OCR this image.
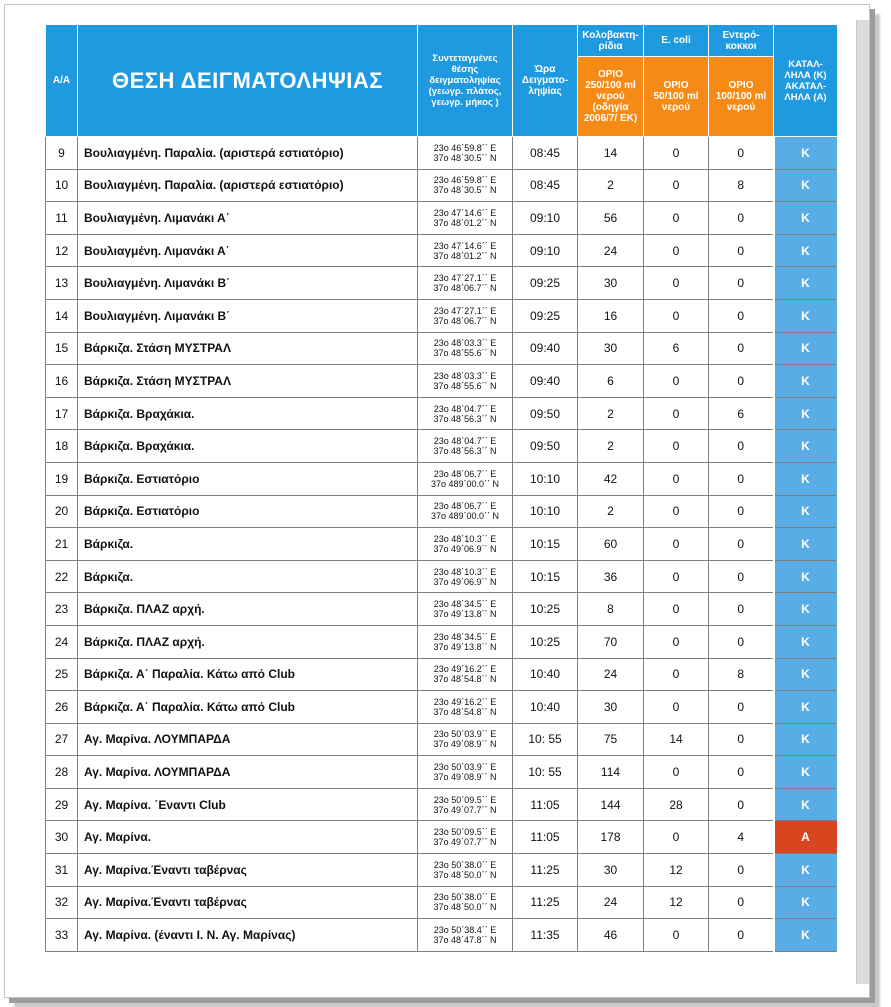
Α/Α	ΘΕΣΗ ΔΕΙΓΜΑΤΟΛΗΨΙΑΣ	Συντεταγμένες θέσης δειγματοληψίας (γεωγρ. πλάτος, γεωγρ. μήκος )	Ώρα Δειγματο-ληψίας	Κολοβακτη-ρίδια	E. coli	Εντερό-κοκκοι	ΚΑΤΑΛ-ΛΗΛΑ (Κ) ΑΚΑΤΑΛ-ΛΗΛΑ (Α)
				ΟΡΙΟ 250/100 ml νερού (οδηγία 2006/7/ ΕΚ)	ΟΡΙΟ 50/100 ml νερού	ΟΡΙΟ 100/100 ml νερού	
9	Βουλιαγμένη. Παραλία. (αριστερά εστιατόριο)	23ο 46΄59.8΄΄ Ε
37ο 48΄30.5΄΄ Ν	08:45	14	0	0	Κ
10	Βουλιαγμένη. Παραλία. (αριστερά εστιατόριο)	23ο 46΄59.8΄΄ Ε
37ο 48΄30.5΄΄ Ν	08:45	2	0	8	Κ
11	Βουλιαγμένη. Λιμανάκι Α΄	23ο 47΄14.6΄΄ Ε
37ο 48΄01.2΄΄ Ν	09:10	56	0	0	Κ
12	Βουλιαγμένη. Λιμανάκι Α΄	23ο 47΄14.6΄΄ Ε
37ο 48΄01.2΄΄ Ν	09:10	24	0	0	Κ
13	Βουλιαγμένη. Λιμανάκι Β΄	23ο 47΄27.1΄΄ Ε
37ο 48΄06.7΄΄ Ν	09:25	30	0	0	Κ
14	Βουλιαγμένη. Λιμανάκι Β΄	23ο 47΄27.1΄΄ Ε
37ο 48΄06.7΄΄ Ν	09:25	16	0	0	Κ
15	Βάρκιζα. Στάση ΜΥΣΤΡΑΛ	23ο 48΄03.3΄΄ Ε
37ο 48΄55.6΄΄ Ν	09:40	30	6	0	Κ
16	Βάρκιζα. Στάση ΜΥΣΤΡΑΛ	23ο 48΄03.3΄΄ Ε
37ο 48΄55.6΄΄ Ν	09:40	6	0	0	Κ
17	Βάρκιζα. Βραχάκια.	23ο 48΄04.7΄΄ Ε
37ο 48΄56.3΄΄ Ν	09:50	2	0	6	Κ
18	Βάρκιζα. Βραχάκια.	23ο 48΄04.7΄΄ Ε
37ο 48΄56.3΄΄ Ν	09:50	2	0	0	Κ
19	Βάρκιζα. Εστιατόριο	23ο 48΄06.7΄΄ Ε
37ο 489΄00.0΄΄ Ν	10:10	42	0	0	Κ
20	Βάρκιζα. Εστιατόριο	23ο 48΄06.7΄΄ Ε
37ο 489΄00.0΄΄ Ν	10:10	2	0	0	Κ
21	Βάρκιζα.	23ο 48΄10.3΄΄ Ε
37ο 49΄06.9΄΄ Ν	10:15	60	0	0	Κ
22	Βάρκιζα.	23ο 48΄10.3΄΄ Ε
37ο 49΄06.9΄΄ Ν	10:15	36	0	0	Κ
23	Βάρκιζα. ΠΛΑΖ αρχή.	23ο 48΄34.5΄΄ Ε
37ο 49΄13.8΄΄ Ν	10:25	8	0	0	Κ
24	Βάρκιζα. ΠΛΑΖ αρχή.	23ο 48΄34.5΄΄ Ε
37ο 49΄13.8΄΄ Ν	10:25	70	0	0	Κ
25	Βάρκιζα. Α΄ Παραλία. Κάτω από Club	23ο 49΄16.2΄΄ Ε
37ο 48΄54.8΄΄ Ν	10:40	24	0	8	Κ
26	Βάρκιζα. Α΄ Παραλία. Κάτω από Club	23ο 49΄16.2΄΄ Ε
37ο 48΄54.8΄΄ Ν	10:40	30	0	0	Κ
27	Αγ. Μαρίνα. ΛΟΥΜΠΑΡΔΑ	23ο 50΄03.9΄΄ Ε
37ο 49΄08.9΄΄ Ν	10: 55	75	14	0	Κ
28	Αγ. Μαρίνα. ΛΟΥΜΠΑΡΔΑ	23ο 50΄03.9΄΄ Ε
37ο 49΄08.9΄΄ Ν	10: 55	114	0	0	Κ
29	Αγ. Μαρίνα. ΄Εναντι Club	23ο 50΄09.5΄΄ Ε
37ο 49΄07.7΄΄ Ν	11:05	144	28	0	Κ
30	Αγ. Μαρίνα.	23ο 50΄09.5΄΄ Ε
37ο 49΄07.7΄΄ Ν	11:05	178	0	4	Α
31	Αγ. Μαρίνα.Έναντι ταβέρνας	23ο 50΄38.0΄΄ Ε
37ο 48΄50.0΄΄ Ν	11:25	30	12	0	Κ
32	Αγ. Μαρίνα.Έναντι ταβέρνας	23ο 50΄38.0΄΄ Ε
37ο 48΄50.0΄΄ Ν	11:25	24	12	0	Κ
33	Αγ. Μαρίνα. (έναντι Ι. Ν. Αγ. Μαρίνας)	23ο 50΄38.4΄΄ Ε
37ο 48΄47.8΄΄ Ν	11:35	46	0	0	Κ
